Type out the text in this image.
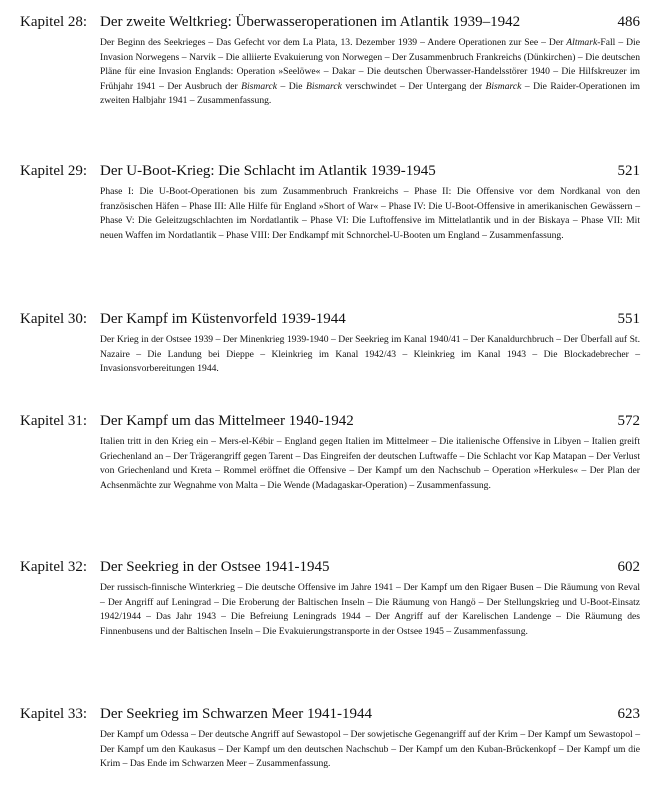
Kapitel 28: Der zweite Weltkrieg: Überwasseroperationen im Atlantik 1939–1942	486
Der Beginn des Seekrieges – Das Gefecht vor dem La Plata, 13. Dezember 1939 – Andere Operationen zur See – Der Altmark-Fall – Die Invasion Norwegens – Narvik – Die alliierte Evakuierung von Norwegen – Der Zusammenbruch Frankreichs (Dünkirchen) – Die deutschen Pläne für eine Invasion Englands: Operation »Seelöwe« – Dakar – Die deutschen Überwasser-Handelsstörer 1940 – Die Hilfskreuzer im Frühjahr 1941 – Der Ausbruch der Bismarck – Die Bismarck verschwindet – Der Untergang der Bismarck – Die Raider-Operationen im zweiten Halbjahr 1941 – Zusammenfassung.
Kapitel 29: Der U-Boot-Krieg: Die Schlacht im Atlantik 1939-1945	521
Phase I: Die U-Boot-Operationen bis zum Zusammenbruch Frankreichs – Phase II: Die Offensive vor dem Nordkanal von den französischen Häfen – Phase III: Alle Hilfe für England »Short of War« – Phase IV: Die U-Boot-Offensive in amerikanischen Gewässern – Phase V: Die Geleitzugschlachten im Nordatlantik – Phase VI: Die Luftoffensive im Mittelatlantik und in der Biskaya – Phase VII: Mit neuen Waffen im Nordatlantik – Phase VIII: Der Endkampf mit Schnorchel-U-Booten um England – Zusammenfassung.
Kapitel 30: Der Kampf im Küstenvorfeld 1939-1944	551
Der Krieg in der Ostsee 1939 – Der Minenkrieg 1939-1940 – Der Seekrieg im Kanal 1940/41 – Der Kanaldurchbruch – Der Überfall auf St. Nazaire – Die Landung bei Dieppe – Kleinkrieg im Kanal 1942/43 – Kleinkrieg im Kanal 1943 – Die Blockadebrecher – Invasionsvorbereitungen 1944.
Kapitel 31: Der Kampf um das Mittelmeer 1940-1942	572
Italien tritt in den Krieg ein – Mers-el-Kébir – England gegen Italien im Mittelmeer – Die italienische Offensive in Libyen – Italien greift Griechenland an – Der Trägerangriff gegen Tarent – Das Eingreifen der deutschen Luftwaffe – Die Schlacht vor Kap Matapan – Der Verlust von Griechenland und Kreta – Rommel eröffnet die Offensive – Der Kampf um den Nachschub – Operation »Herkules« – Der Plan der Achsenmächte zur Wegnahme von Malta – Die Wende (Madagaskar-Operation) – Zusammenfassung.
Kapitel 32: Der Seekrieg in der Ostsee 1941-1945	602
Der russisch-finnische Winterkrieg – Die deutsche Offensive im Jahre 1941 – Der Kampf um den Rigaer Busen – Die Räumung von Reval – Der Angriff auf Leningrad – Die Eroberung der Baltischen Inseln – Die Räumung von Hangö – Der Stellungskrieg und U-Boot-Einsatz 1942/1944 – Das Jahr 1943 – Die Befreiung Leningrads 1944 – Der Angriff auf der Karelischen Landenge – Die Räumung des Finnenbusens und der Baltischen Inseln – Die Evakuierungstransporte in der Ostsee 1945 – Zusammenfassung.
Kapitel 33: Der Seekrieg im Schwarzen Meer 1941-1944	623
Der Kampf um Odessa – Der deutsche Angriff auf Sewastopol – Der sowjetische Gegenangriff auf der Krim – Der Kampf um Sewastopol – Der Kampf um den Kaukasus – Der Kampf um den deutschen Nachschub – Der Kampf um den Kuban-Brückenkopf – Der Kampf um die Krim – Das Ende im Schwarzen Meer – Zusammenfassung.
